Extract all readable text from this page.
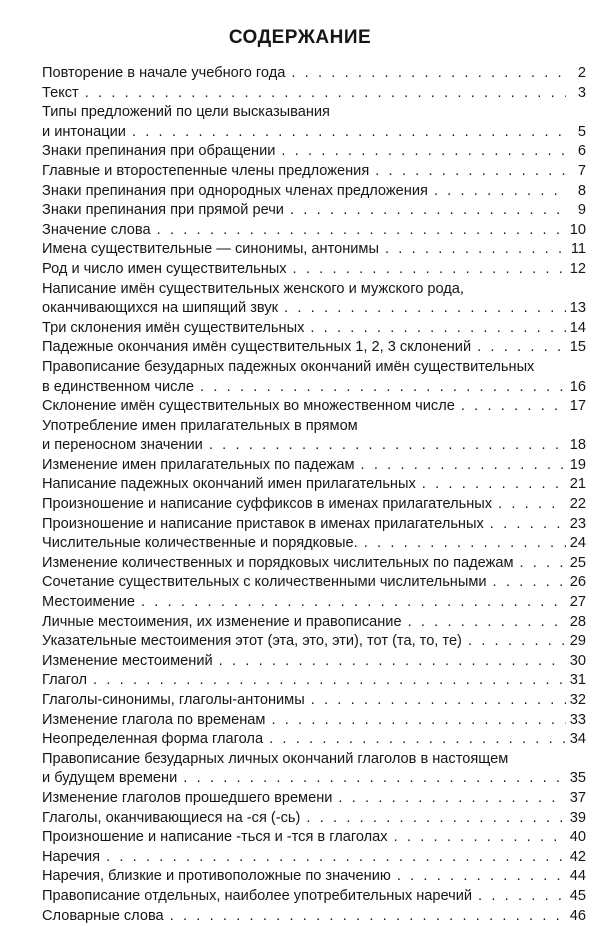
СОДЕРЖАНИЕ
Повторение в начале учебного года . . .	2
Текст . . .	3
Типы предложений по цели высказывания
и интонации . . .	5
Знаки препинания при обращении . . .	6
Главные и второстепенные члены предложения . . .	7
Знаки препинания при однородных членах предложения . . .	8
Знаки препинания при прямой речи . . .	9
Значение слова . . .	10
Имена существительные — синонимы, антонимы . . .	11
Род и число имен существительных . . .	12
Написание имён существительных женского и мужского рода,
оканчивающихся на шипящий звук . . .	13
Три склонения имён существительных . . .	14
Падежные окончания имён существительных 1, 2, 3 склонений . . .	15
Правописание безударных падежных окончаний имён существительных
в единственном числе . . .	16
Склонение имён существительных во множественном числе . . .	17
Употребление имен прилагательных в прямом
и переносном значении . . .	18
Изменение имен прилагательных по падежам . . .	19
Написание падежных окончаний имен прилагательных . . .	21
Произношение и написание суффиксов в именах прилагательных . . .	22
Произношение и написание приставок в именах прилагательных . . .	23
Числительные количественные и порядковые. . . .	24
Изменение количественных и порядковых числительных по падежам . . .	25
Сочетание существительных с количественными числительными . . .	26
Местоимение . . .	27
Личные местоимения, их изменение и правописание . . .	28
Указательные местоимения этот (эта, это, эти), тот (та, то, те) . . .	29
Изменение местоимений . . .	30
Глагол . . .	31
Глаголы-синонимы, глаголы-антонимы . . .	32
Изменение глагола по временам . . .	33
Неопределенная форма глагола . . .	34
Правописание безударных личных окончаний глаголов в настоящем
и будущем времени . . .	35
Изменение глаголов прошедшего времени . . .	37
Глаголы, оканчивающиеся на -ся (-сь) . . .	39
Произношение и написание -ться и -тся в глаголах . . .	40
Наречия . . .	42
Наречия, близкие и противоположные по значению . . .	44
Правописание отдельных, наиболее употребительных наречий . . .	45
Словарные слова . . .	46
